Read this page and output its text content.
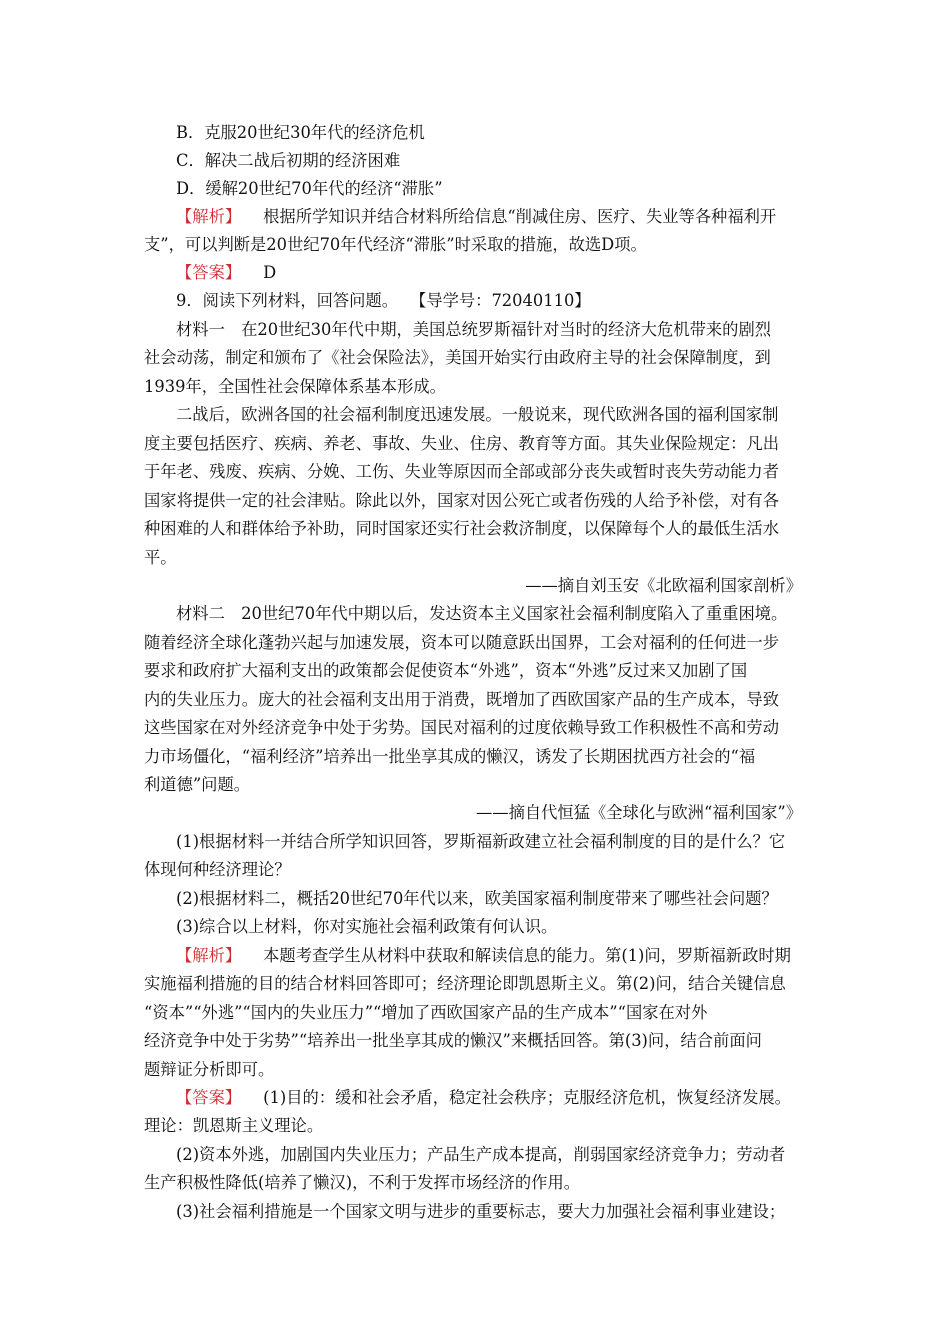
B．克服20世纪30年代的经济危机
C．解决二战后初期的经济困难
D．缓解20世纪70年代的经济“滞胀”
【解析】 根据所学知识并结合材料所给信息“削减住房、医疗、失业等各种福利开
支”，可以判断是20世纪70年代经济“滞胀”时采取的措施，故选D项。
【答案】 D
9．阅读下列材料，回答问题。 【导学号：72040110】
材料一　在20世纪30年代中期，美国总统罗斯福针对当时的经济大危机带来的剧烈
社会动荡，制定和颁布了《社会保险法》，美国开始实行由政府主导的社会保障制度，到
1939年，全国性社会保障体系基本形成。
二战后，欧洲各国的社会福利制度迅速发展。一般说来，现代欧洲各国的福利国家制
度主要包括医疗、疾病、养老、事故、失业、住房、教育等方面。其失业保险规定：凡出
于年老、残废、疾病、分娩、工伤、失业等原因而全部或部分丧失或暂时丧失劳动能力者
国家将提供一定的社会津贴。除此以外，国家对因公死亡或者伤残的人给予补偿，对有各
种困难的人和群体给予补助，同时国家还实行社会救济制度，以保障每个人的最低生活水
平。
——摘自刘玉安《北欧福利国家剖析》
材料二　20世纪70年代中期以后，发达资本主义国家社会福利制度陷入了重重困境。
随着经济全球化蓬勃兴起与加速发展，资本可以随意跃出国界，工会对福利的任何进一步
要求和政府扩大福利支出的政策都会促使资本“外逃”，资本“外逃”反过来又加剧了国
内的失业压力。庞大的社会福利支出用于消费，既增加了西欧国家产品的生产成本，导致
这些国家在对外经济竞争中处于劣势。国民对福利的过度依赖导致工作积极性不高和劳动
力市场僵化，“福利经济”培养出一批坐享其成的懒汉，诱发了长期困扰西方社会的“福
利道德”问题。
——摘自代恒猛《全球化与欧洲“福利国家”》
(1)根据材料一并结合所学知识回答，罗斯福新政建立社会福利制度的目的是什么？它
体现何种经济理论？
(2)根据材料二，概括20世纪70年代以来，欧美国家福利制度带来了哪些社会问题？
(3)综合以上材料，你对实施社会福利政策有何认识。
【解析】 本题考查学生从材料中获取和解读信息的能力。第(1)问，罗斯福新政时期
实施福利措施的目的结合材料回答即可；经济理论即凯恩斯主义。第(2)问，结合关键信息
“资本”“外逃”“国内的失业压力”“增加了西欧国家产品的生产成本”“国家在对外
经济竞争中处于劣势”“培养出一批坐享其成的懒汉”来概括回答。第(3)问，结合前面问
题辩证分析即可。
【答案】 (1)目的：缓和社会矛盾，稳定社会秩序；克服经济危机，恢复经济发展。
理论：凯恩斯主义理论。
(2)资本外逃，加剧国内失业压力；产品生产成本提高，削弱国家经济竞争力；劳动者
生产积极性降低(培养了懒汉)，不利于发挥市场经济的作用。
(3)社会福利措施是一个国家文明与进步的重要标志，要大力加强社会福利事业建设；
